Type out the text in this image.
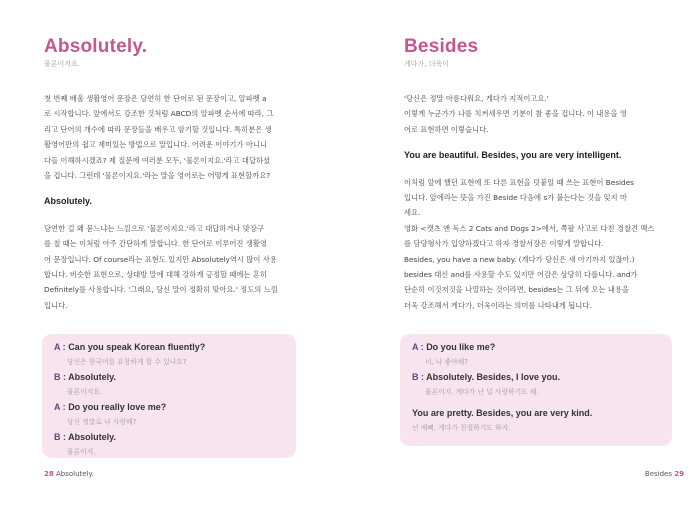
Absolutely.
물론이지요.

첫 번째 배울 생활영어 문장은 당연히 한 단어로 된 문장이고, 알파벳 a

로 시작합니다. 앞에서도 강조한 것처럼 ABCD의 알파벳 순서에 따라, 그

리고 단어의 개수에 따라 문장들을 배우고 암기할 것입니다. 특히분은 생

활영어만의 쉽고 재미있는 방법으로 말입니다. 어려운 이야기가 아니니

다들 이해하시겠죠? 제 질문에 여러분 모두, '물론이지요.'라고 대답하셨

을 겁니다. 그런데 '물론이지요.'라는 말을 영어로는 어떻게 표현할까요?

Absolutely.

당연한 걸 왜 묻느냐는 느낌으로 '물론이지요.'라고 대답하거나 맞장구

를 칠 때는 이처럼 아주 간단하게 말합니다. 한 단어로 이루어진 생활영

어 문장입니다. Of course라는 표현도 있지만 Absolutely역시 많이 사용

합니다. 비슷한 표현으로, 상대방 말에 대해 강하게 긍정할 때에는 흔히

Definitely를 사용합니다. '그래요, 당신 말이 정확히 맞아요.' 정도의 느낌

입니다.

A : Can you speak Korean fluently?
당신은 한국어를 유창하게 할 수 있나요?
B : Absolutely.
물론이지요.
A : Do you really love me?
당신 정말로 나 사랑해?
B : Absolutely.
물론이지.
28 Absolutely.
Besides
게다가, 더욱이

'당신은 정말 아름다워요, 게다가 지적이고요.'

이렇게 누군가가 나를 치켜세우면 기분이 참 좋을 겁니다. 이 내용을 영

어로 표현하면 이렇습니다.

You are beautiful. Besides, you are very intelligent.

이처럼 앞에 했던 표현에 또 다른 표현을 덧붙일 때 쓰는 표현이 Besides

입니다. 앞에라는 뜻을 가진 Beside 다음에 s가 붙는다는 것을 잊지 마

세요.

영화 <캣츠 앤 독스 2 Cats and Dogs 2>에서, 쪽팔 사고로 다친 경찰견 맥스

를 담당형사가 입양하겠다고 하자 경찰서장은 이렇게 말합니다.

Besides, you have a new baby. (게다가 당신은 새 아기까지 있잖아.)

besides 대신 and를 사용할 수도 있지만 어감은 상당히 다릅니다. and가

단순히 이것저것을 나열하는 것이라면, besides는 그 뒤에 오는 내용을

더욱 강조해서 게다가, 더욱이라는 의미를 나타내게 됩니다.

A : Do you like me?
너, 나 좋아해?
B : Absolutely. Besides, I love you.
물론이지. 게다가 난 널 사랑하기도 해.
You are pretty. Besides, you are very kind.
넌 예뻐. 게다가 친절하기도 하지.
Besides 29
